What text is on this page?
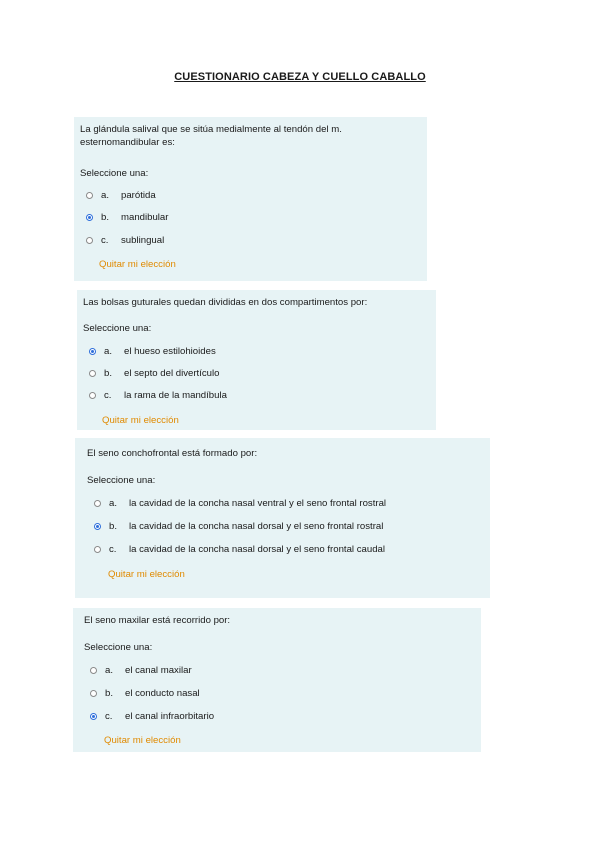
CUESTIONARIO CABEZA Y CUELLO CABALLO

La glándula salival que se sitúa medialmente al tendón del m. esternomandibular es:

Seleccione una:

a.	parótida
b.	mandibular
c.	sublingual
Quitar mi elección

Las bolsas guturales quedan divididas en dos compartimentos por:

Seleccione una:

a.	el hueso estilohioides
b.	el septo del divertículo
c.	la rama de la mandíbula
Quitar mi elección

El seno conchofrontal está formado por:

Seleccione una:

a.	la cavidad de la concha nasal ventral y el seno frontal rostral
b.	la cavidad de la concha nasal dorsal y el seno frontal rostral
c.	la cavidad de la concha nasal dorsal y el seno frontal caudal
Quitar mi elección

El seno maxilar está recorrido por:

Seleccione una:

a.	el canal maxilar
b.	el conducto nasal
c.	el canal infraorbitario
Quitar mi elección
